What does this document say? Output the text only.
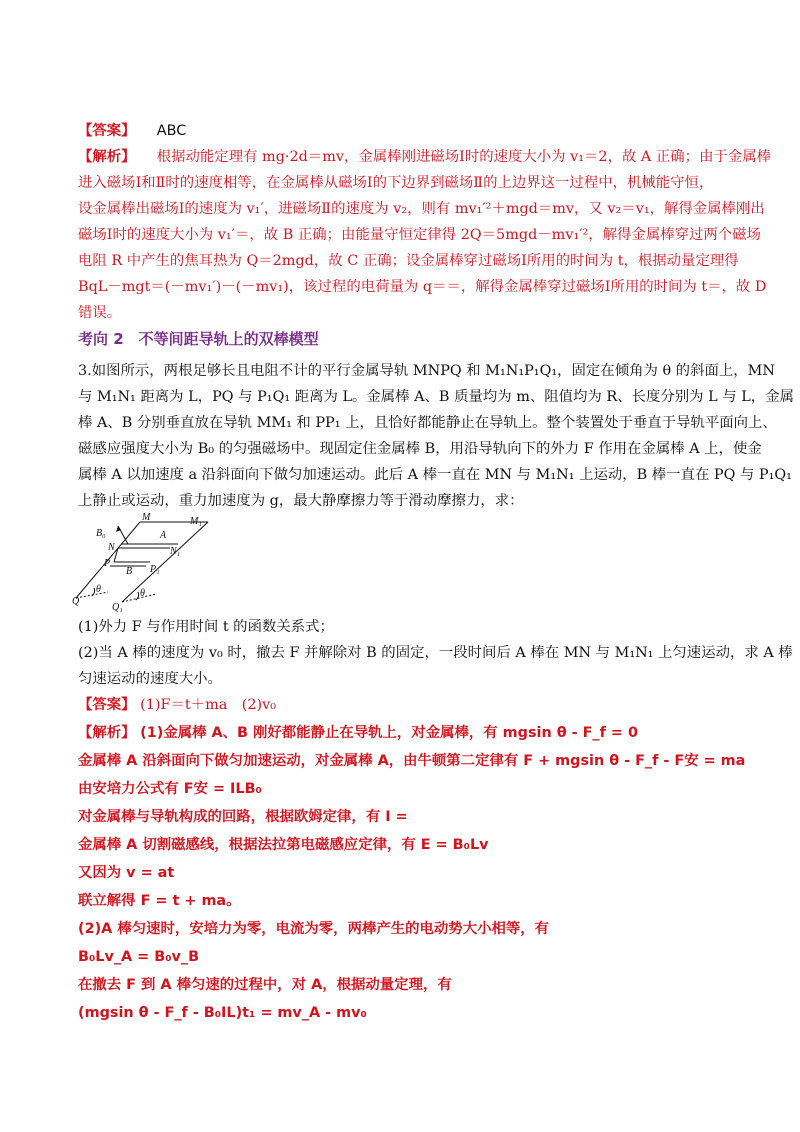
【答案】 ABC
【解析】 根据动能定理有 mg·2d＝mv，金属棒刚进磁场Ⅰ时的速度大小为 v₁＝2，故 A 正确；由于金属棒
进入磁场Ⅰ和Ⅱ时的速度相等，在金属棒从磁场Ⅰ的下边界到磁场Ⅱ的上边界这一过程中，机械能守恒，
设金属棒出磁场Ⅰ的速度为 v₁′，进磁场Ⅱ的速度为 v₂，则有 mv₁′²＋mgd＝mv，又 v₂＝v₁，解得金属棒刚出
磁场Ⅰ时的速度大小为 v₁′＝，故 B 正确；由能量守恒定律得 2Q＝5mgd－mv₁′²，解得金属棒穿过两个磁场
电阻 R 中产生的焦耳热为 Q＝2mgd，故 C 正确；设金属棒穿过磁场Ⅰ所用的时间为 t，根据动量定理得
BqL－mgt＝(－mv₁′)－(－mv₁)，该过程的电荷量为 q＝＝，解得金属棒穿过磁场Ⅰ所用的时间为 t＝，故 D
错误。
考向 2　不等间距导轨上的双棒模型
3.如图所示，两根足够长且电阻不计的平行金属导轨 MNPQ 和 M₁N₁P₁Q₁，固定在倾角为 θ 的斜面上，MN
与 M₁N₁ 距离为 L，PQ 与 P₁Q₁ 距离为 L。金属棒 A、B 质量均为 m、阻值均为 R、长度分别为 L 与 L，金属
棒 A、B 分别垂直放在导轨 MM₁ 和 PP₁ 上，且恰好都能静止在导轨上。整个装置处于垂直于导轨平面向上、
磁感应强度大小为 B₀ 的匀强磁场中。现固定住金属棒 B，用沿导轨向下的外力 F 作用在金属棒 A 上，使金
属棒 A 以加速度 a 沿斜面向下做匀加速运动。此后 A 棒一直在 MN 与 M₁N₁ 上运动，B 棒一直在 PQ 与 P₁Q₁
上静止或运动，重力加速度为 g，最大静摩擦力等于滑动摩擦力，求：
M	M₁
A
B₀
N	N₁
P
P₁
B
Q
Q₁
θ	θ
(1)外力 F 与作用时间 t 的函数关系式；
(2)当 A 棒的速度为 v₀ 时，撤去 F 并解除对 B 的固定，一段时间后 A 棒在 MN 与 M₁N₁ 上匀速运动，求 A 棒
匀速运动的速度大小。
【答案】 (1)F＝t＋ma　(2)v₀
【解析】 (1)金属棒 A、B 刚好都能静止在导轨上，对金属棒，有 mgsin θ - F_f = 0
金属棒 A 沿斜面向下做匀加速运动，对金属棒 A，由牛顿第二定律有 F + mgsin θ - F_f - F安 = ma
由安培力公式有 F安 = ILB₀
对金属棒与导轨构成的回路，根据欧姆定律，有 I =
金属棒 A 切割磁感线，根据法拉第电磁感应定律，有 E = B₀Lv
又因为 v = at
联立解得 F = t + ma。
(2)A 棒匀速时，安培力为零，电流为零，两棒产生的电动势大小相等，有
B₀Lv_A = B₀v_B
在撤去 F 到 A 棒匀速的过程中，对 A，根据动量定理，有
(mgsin θ - F_f - B₀IL)t₁ = mv_A - mv₀
